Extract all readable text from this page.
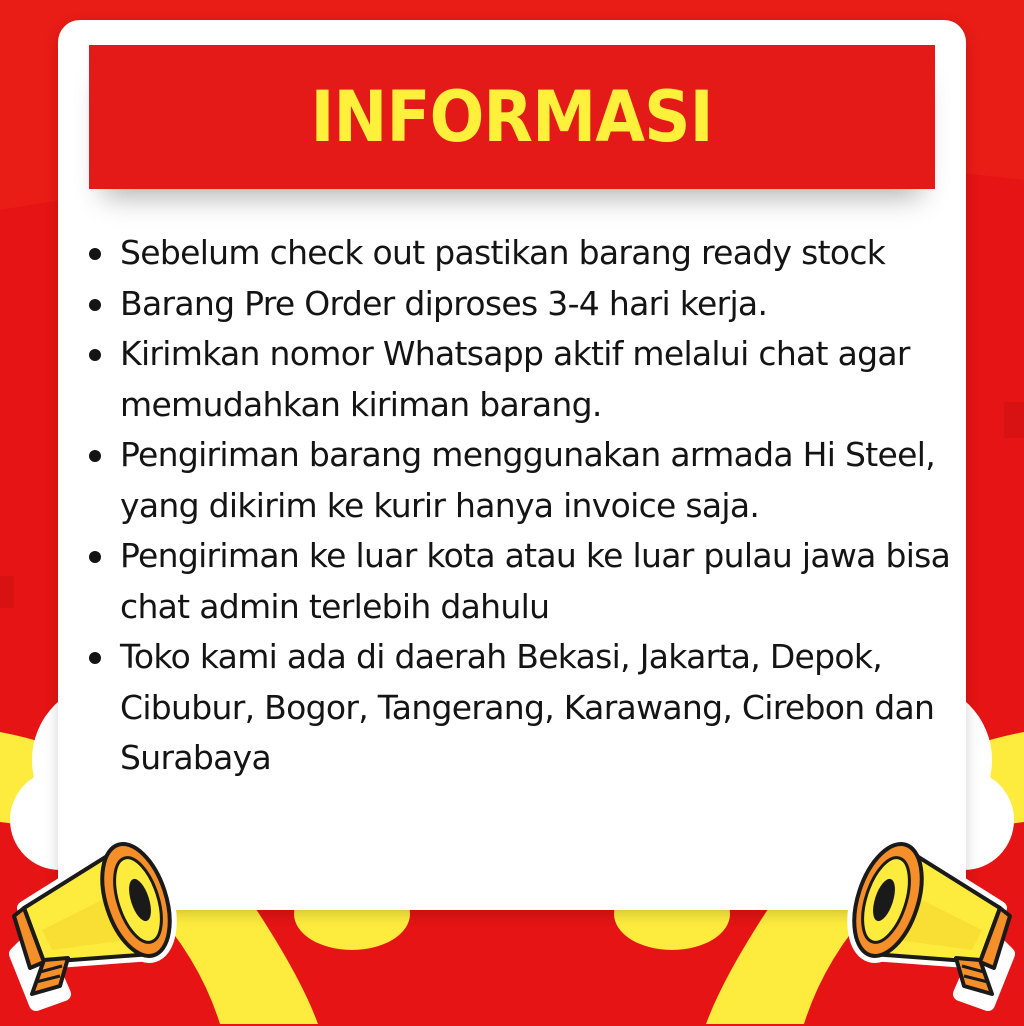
INFORMASI
Sebelum check out pastikan barang ready stock
Barang Pre Order diproses 3-4 hari kerja.
Kirimkan nomor Whatsapp aktif melalui chat agar memudahkan kiriman barang.
Pengiriman barang menggunakan armada Hi Steel, yang dikirim ke kurir hanya invoice saja.
Pengiriman ke luar kota atau ke luar pulau jawa bisa chat admin terlebih dahulu
Toko kami ada di daerah Bekasi, Jakarta, Depok, Cibubur, Bogor, Tangerang, Karawang, Cirebon dan Surabaya
